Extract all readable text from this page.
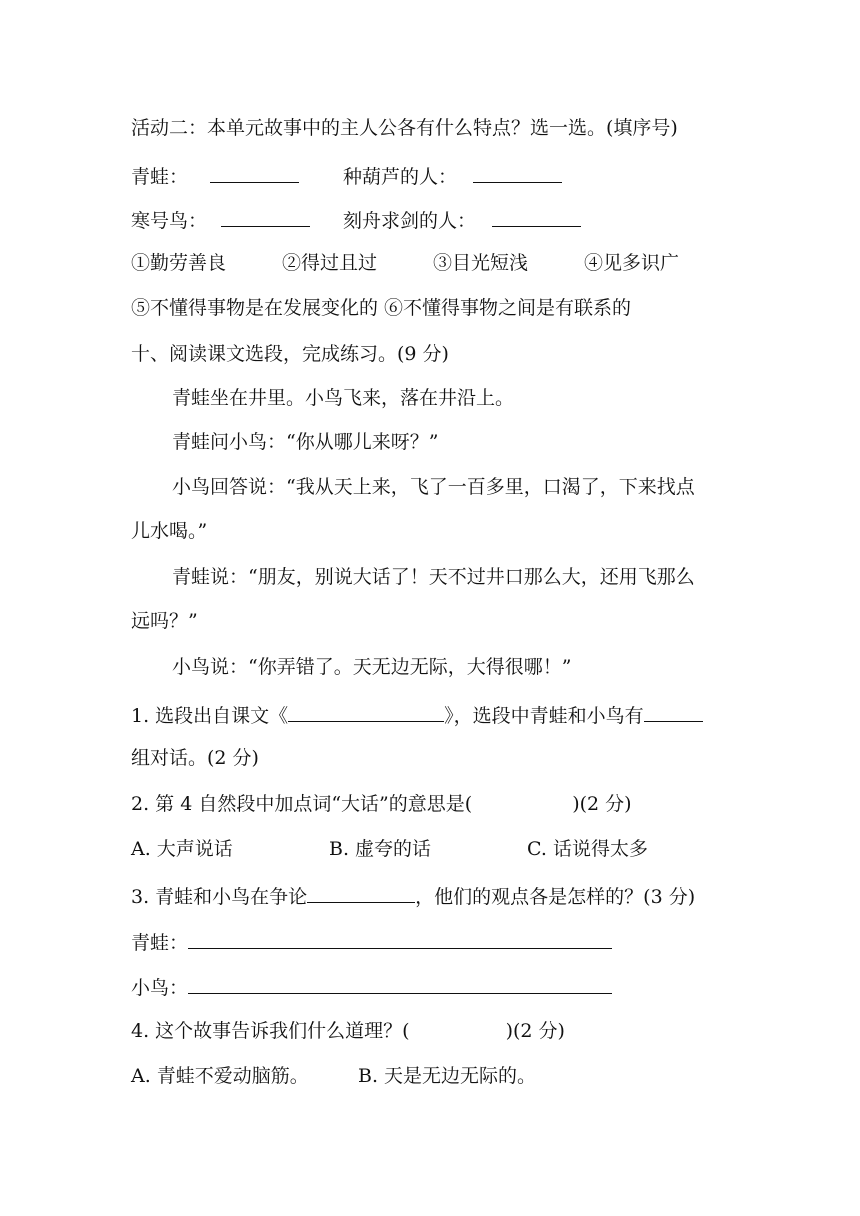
活动二：本单元故事中的主人公各有什么特点？选一选。(填序号)
青蛙：	种葫芦的人：
寒号鸟：	刻舟求剑的人：
①勤劳善良	②得过且过	③目光短浅	④见多识广
⑤不懂得事物是在发展变化的 ⑥不懂得事物之间是有联系的
十、阅读课文选段，完成练习。(9 分)
青蛙坐在井里。小鸟飞来，落在井沿上。
青蛙问小鸟：“你从哪儿来呀？”
小鸟回答说：“我从天上来，飞了一百多里，口渴了，下来找点
儿水喝。”
青蛙说：“朋友，别说大话了！天不过井口那么大，还用飞那么
远吗？”
小鸟说：“你弄错了。天无边无际，大得很哪！”
1. 选段出自课文《	》，选段中青蛙和小鸟有
组对话。(2 分)
2. 第 4 自然段中加点词“大话”的意思是(	)(2 分)
A. 大声说话	B. 虚夸的话	C. 话说得太多
3. 青蛙和小鸟在争论	，他们的观点各是怎样的？(3 分)
青蛙：
小鸟：
4. 这个故事告诉我们什么道理？(	)(2 分)
A. 青蛙不爱动脑筋。	B. 天是无边无际的。
